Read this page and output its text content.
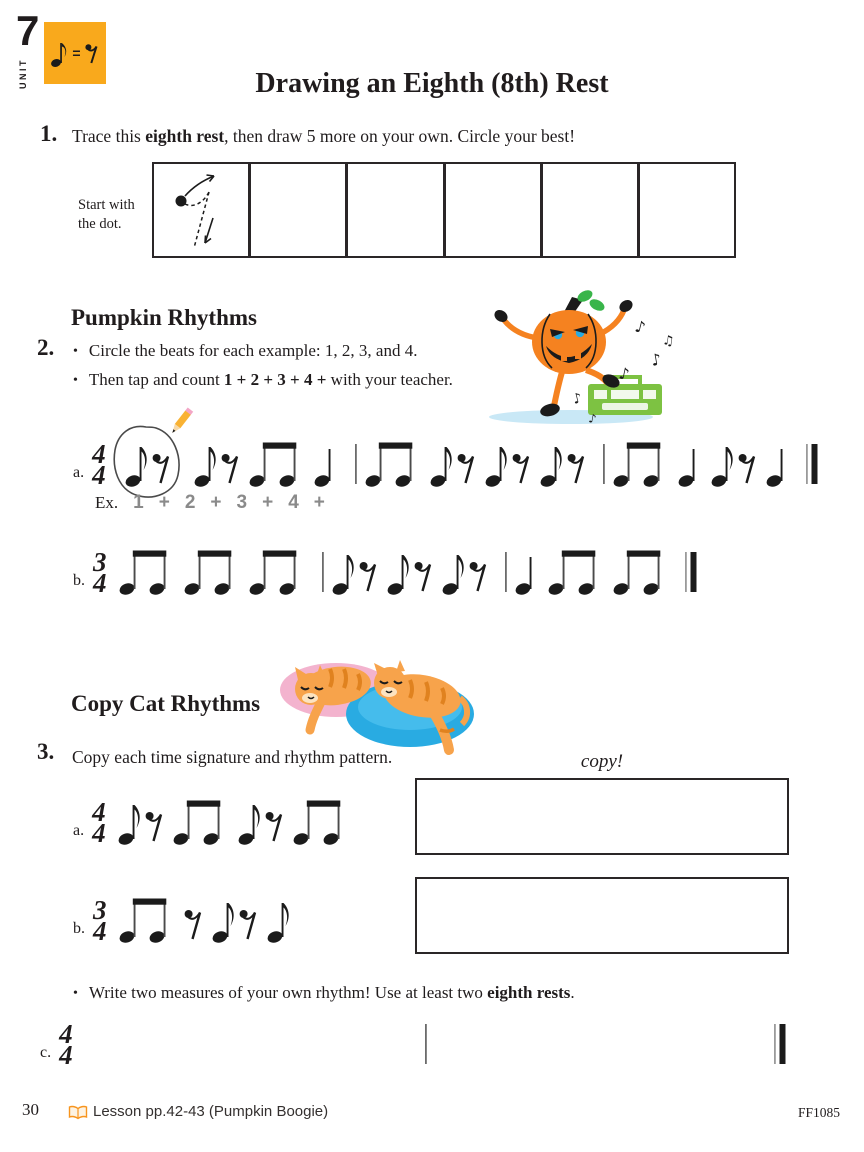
7
UNIT
=
Drawing an Eighth (8th) Rest
1. Trace this eighth rest, then draw 5 more on your own. Circle your best!

Start with
the dot.
Pumpkin Rhythms
2.	• Circle the beats for each example: 1, 2, 3, and 4.

• Then tap and count 1 + 2 + 3 + 4 + with your teacher.

♪
♪
♪
♪
♫
♪
a.
4
4
Ex. 1 + 2 + 3 + 4 +
b.
3
4
Copy Cat Rhythms
3. Copy each time signature and rhythm pattern.	copy!
a.
4
4
b.
3
4

• Write two measures of your own rhythm! Use at least two eighth rests.

c.
4
4
30	Lesson pp.42-43 (Pumpkin Boogie)	FF1085
